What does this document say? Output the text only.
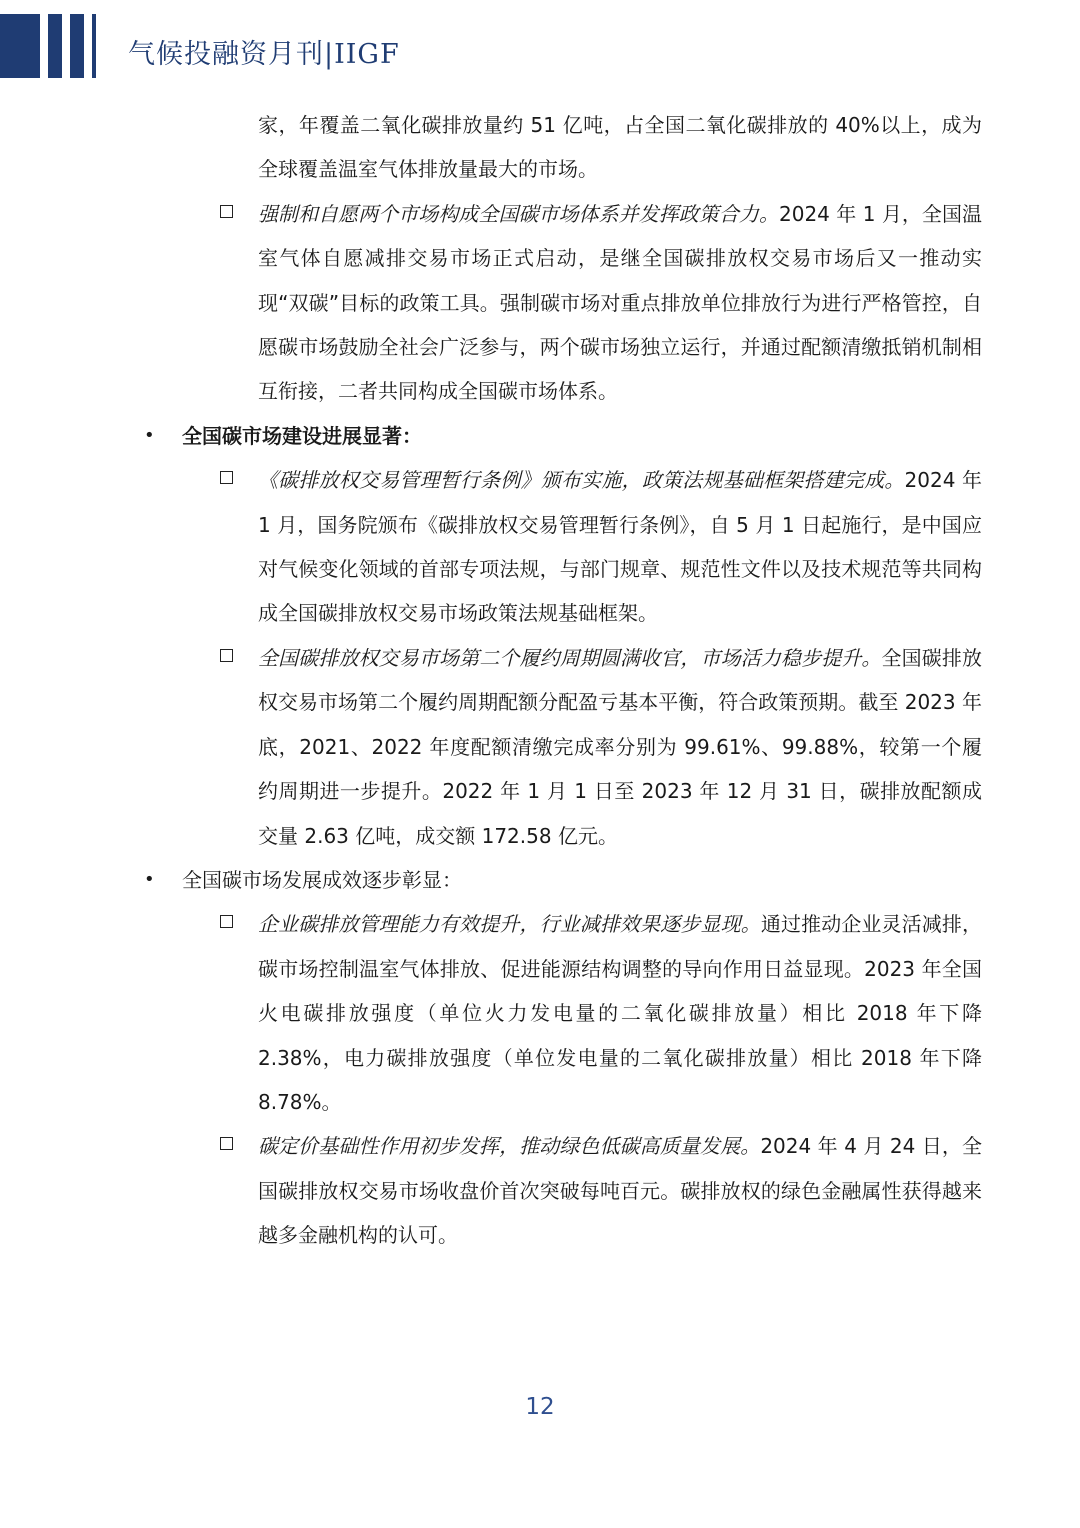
气候投融资月刊|IIGF
家，年覆盖二氧化碳排放量约 51 亿吨，占全国二氧化碳排放的 40%以上，成为全球覆盖温室气体排放量最大的市场。
强制和自愿两个市场构成全国碳市场体系并发挥政策合力。2024 年 1 月，全国温室气体自愿减排交易市场正式启动，是继全国碳排放权交易市场后又一推动实现“双碳”目标的政策工具。强制碳市场对重点排放单位排放行为进行严格管控，自愿碳市场鼓励全社会广泛参与，两个碳市场独立运行，并通过配额清缴抵销机制相互衔接，二者共同构成全国碳市场体系。
• 全国碳市场建设进展显著：
《碳排放权交易管理暂行条例》颁布实施，政策法规基础框架搭建完成。2024 年 1 月，国务院颁布《碳排放权交易管理暂行条例》，自 5 月 1 日起施行，是中国应对气候变化领域的首部专项法规，与部门规章、规范性文件以及技术规范等共同构成全国碳排放权交易市场政策法规基础框架。
全国碳排放权交易市场第二个履约周期圆满收官，市场活力稳步提升。全国碳排放权交易市场第二个履约周期配额分配盈亏基本平衡，符合政策预期。截至 2023 年底，2021、2022 年度配额清缴完成率分别为 99.61%、99.88%，较第一个履约周期进一步提升。2022 年 1 月 1 日至 2023 年 12 月 31 日，碳排放配额成交量 2.63 亿吨，成交额 172.58 亿元。
• 全国碳市场发展成效逐步彰显：
企业碳排放管理能力有效提升，行业减排效果逐步显现。通过推动企业灵活减排，碳市场控制温室气体排放、促进能源结构调整的导向作用日益显现。2023 年全国火电碳排放强度（单位火力发电量的二氧化碳排放量）相比 2018 年下降 2.38%，电力碳排放强度（单位发电量的二氧化碳排放量）相比 2018 年下降 8.78%。
碳定价基础性作用初步发挥，推动绿色低碳高质量发展。2024 年 4 月 24 日，全国碳排放权交易市场收盘价首次突破每吨百元。碳排放权的绿色金融属性获得越来越多金融机构的认可。
12
